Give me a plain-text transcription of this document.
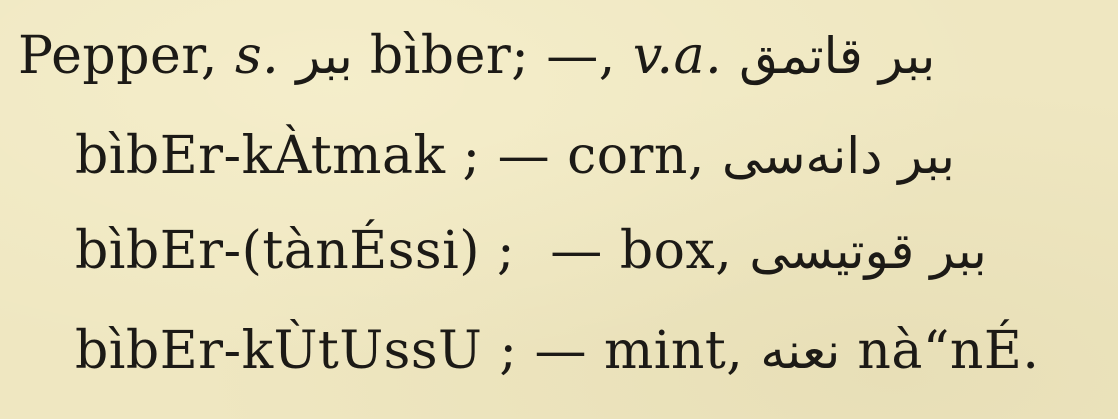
Pepper, s. ببر bìber; —, v.a. ببر قاتمق
bìbEr-kÀtmak ; — corn, ببر دانه‌سی
bìbEr-(tànÉssi) ; — box, ببر قوتیسی
bìbEr-kÙtUssU ; — mint, نعنه nà“nÉ.
